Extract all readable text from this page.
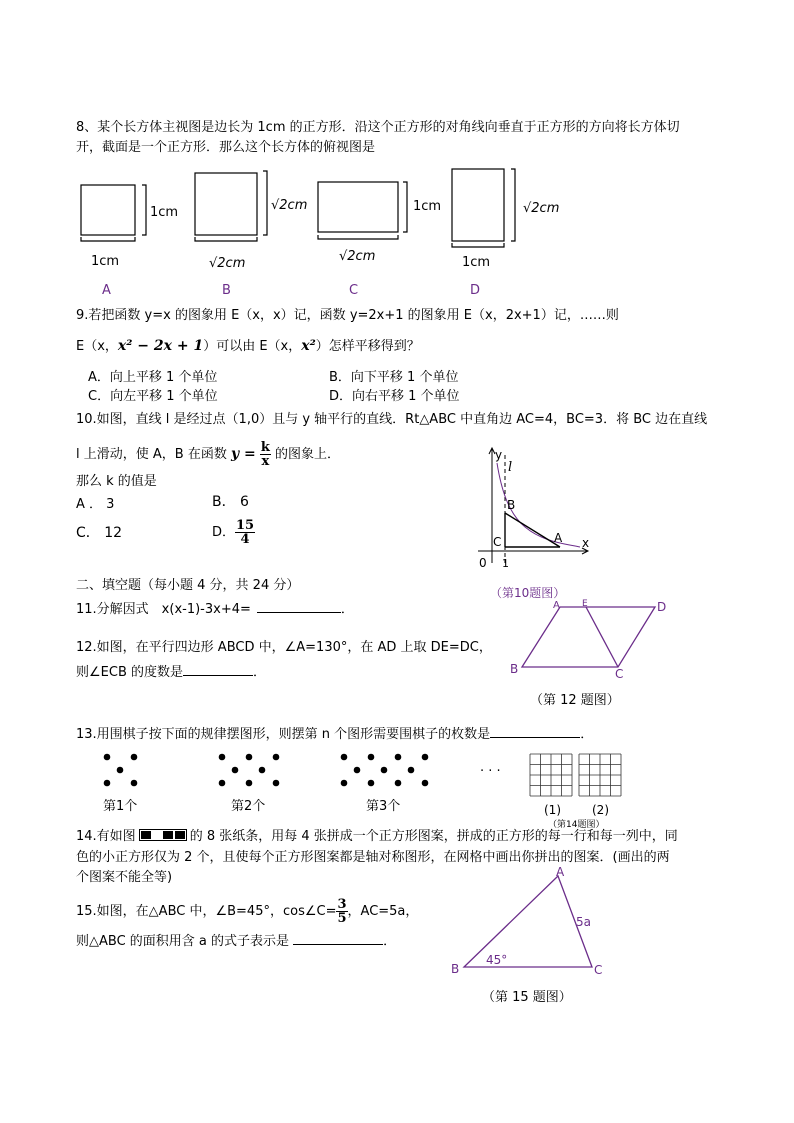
8、某个长方体主视图是边长为 1cm 的正方形．沿这个正方形的对角线向垂直于正方形的方向将长方体切
开，截面是一个正方形．那么这个长方体的俯视图是
1cm
1cm
√2cm
√2cm	√2cm
1cm	√2cm
1cm
A	B	C	D
9.若把函数 y=x 的图象用 E（x，x）记，函数 y=2x+1 的图象用 E（x，2x+1）记，……则
E（x，x² − 2x + 1）可以由 E（x，x²）怎样平移得到？
A．向上平移 1 个单位	B．向下平移 1 个单位
C．向左平移 1 个单位	D．向右平移 1 个单位
10.如图，直线 l 是经过点（1,0）且与 y 轴平行的直线．Rt△ABC 中直角边 AC=4，BC=3．将 BC 边在直线
l 上滑动，使 A，B 在函数 $y = \frac{k}{x}$ 的图象上．
那么 k 的值是
A ． 3	B． 6
C． 12	D． $\frac{15}{4}$
y
l
B
C	A x
0 1
（第10题图）
二、填空题（每小题 4 分，共 24 分）
11.分解因式　x(x-1)-3x+4=	．
12.如图，在平行四边形 ABCD 中，∠A=130°，在 AD 上取 DE=DC，
则∠ECB 的度数是	．
A E	D
B	C
（第 12 题图）
13.用围棋子按下面的规律摆图形，则摆第 n 个图形需要围棋子的枚数是	．
· · ·
第1个	第2个	第3个	(1)	(2)
（第14题图）
14.有如图	的 8 张纸条，用每 4 张拼成一个正方形图案，拼成的正方形的每一行和每一列中，同
色的小正方形仅为 2 个，且使每个正方形图案都是轴对称图形，在网格中画出你拼出的图案．(画出的两
个图案不能全等)
15.如图，在△ABC 中，∠B=45°，cos∠C= $\frac{3}{5}$ ，AC=5a，
则△ABC 的面积用含 a 的式子表示是	．
A
B	C
5a
45°
（第 15 题图）
